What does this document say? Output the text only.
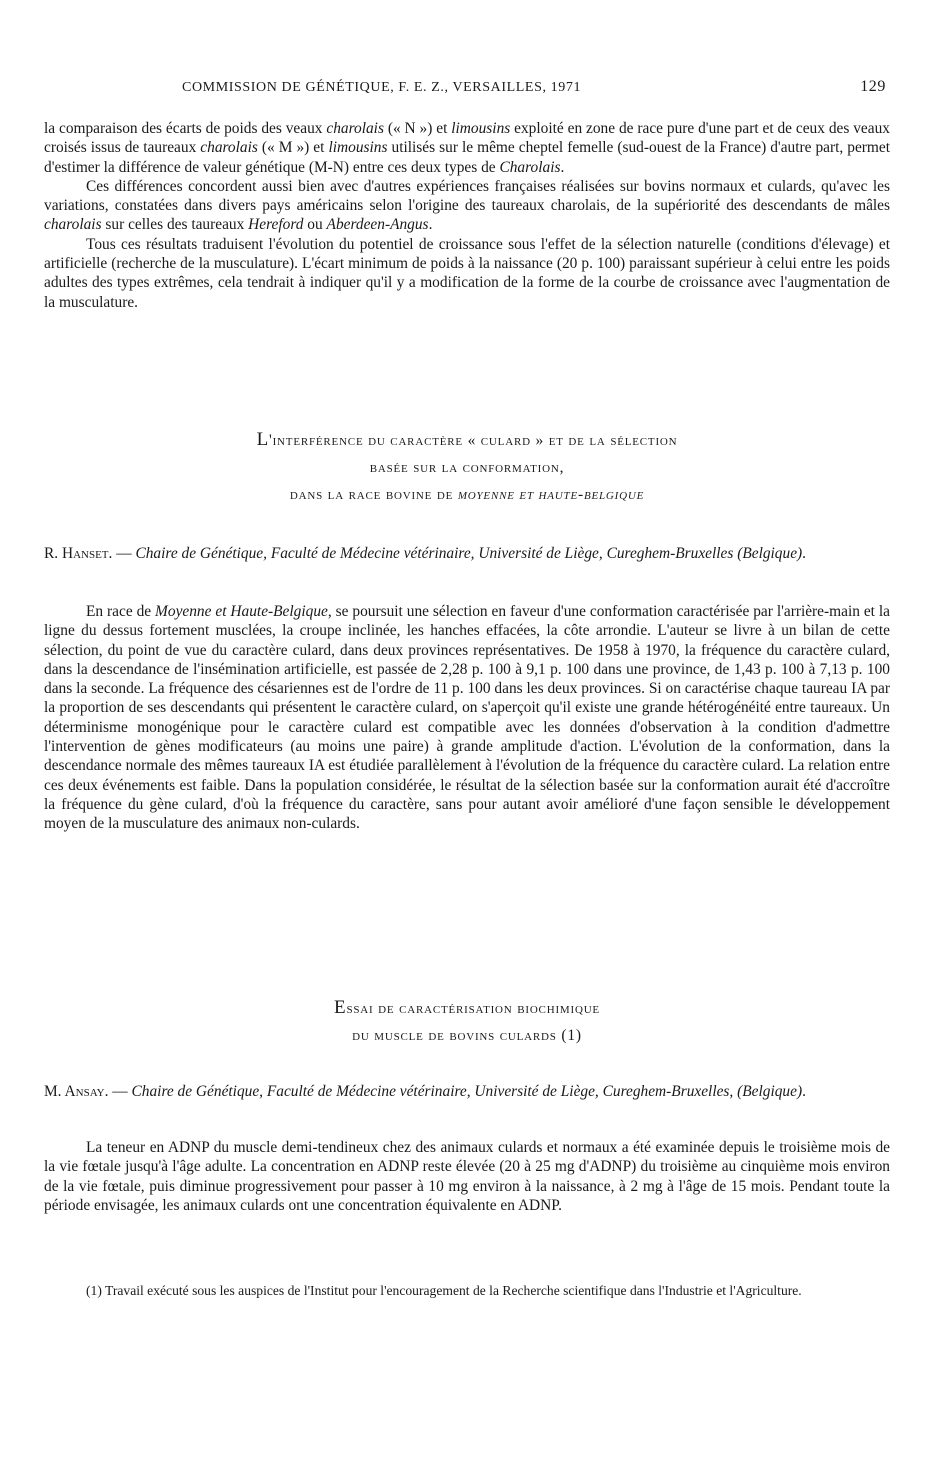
COMMISSION DE GÉNÉTIQUE, F. E. Z., VERSAILLES, 1971	129

la comparaison des écarts de poids des veaux charolais (« N ») et limousins exploité en zone de race pure d'une part et de ceux des veaux croisés issus de taureaux charolais (« M ») et limousins utilisés sur le même cheptel femelle (sud-ouest de la France) d'autre part, permet d'estimer la différence de valeur génétique (M-N) entre ces deux types de Charolais.

Ces différences concordent aussi bien avec d'autres expériences françaises réalisées sur bovins normaux et culards, qu'avec les variations, constatées dans divers pays américains selon l'origine des taureaux charolais, de la supériorité des descendants de mâles charolais sur celles des taureaux Hereford ou Aberdeen-Angus.

Tous ces résultats traduisent l'évolution du potentiel de croissance sous l'effet de la sélection naturelle (conditions d'élevage) et artificielle (recherche de la musculature). L'écart minimum de poids à la naissance (20 p. 100) paraissant supérieur à celui entre les poids adultes des types extrêmes, cela tendrait à indiquer qu'il y a modification de la forme de la courbe de croissance avec l'augmentation de la musculature.

L'interférence du caractère « culard » et de la sélection

basée sur la conformation,

dans la race bovine de moyenne et haute-belgique

R. Hanset. — Chaire de Génétique, Faculté de Médecine vétérinaire, Université de Liège, Cureghem-Bruxelles (Belgique).

En race de Moyenne et Haute-Belgique, se poursuit une sélection en faveur d'une conformation caractérisée par l'arrière-main et la ligne du dessus fortement musclées, la croupe inclinée, les hanches effacées, la côte arrondie. L'auteur se livre à un bilan de cette sélection, du point de vue du caractère culard, dans deux provinces représentatives. De 1958 à 1970, la fréquence du caractère culard, dans la descendance de l'insémination artificielle, est passée de 2,28 p. 100 à 9,1 p. 100 dans une province, de 1,43 p. 100 à 7,13 p. 100 dans la seconde. La fréquence des césariennes est de l'ordre de 11 p. 100 dans les deux provinces. Si on caractérise chaque taureau IA par la proportion de ses descendants qui présentent le caractère culard, on s'aperçoit qu'il existe une grande hétérogénéité entre taureaux. Un déterminisme monogénique pour le caractère culard est compatible avec les données d'observation à la condition d'admettre l'intervention de gènes modificateurs (au moins une paire) à grande amplitude d'action. L'évolution de la conformation, dans la descendance normale des mêmes taureaux IA est étudiée parallèlement à l'évolution de la fréquence du caractère culard. La relation entre ces deux événements est faible. Dans la population considérée, le résultat de la sélection basée sur la conformation aurait été d'accroître la fréquence du gène culard, d'où la fréquence du caractère, sans pour autant avoir amélioré d'une façon sensible le développement moyen de la musculature des animaux non-culards.

Essai de caractérisation biochimique

du muscle de bovins culards (1)

M. Ansay. — Chaire de Génétique, Faculté de Médecine vétérinaire, Université de Liège, Cureghem-Bruxelles, (Belgique).

La teneur en ADNP du muscle demi-tendineux chez des animaux culards et normaux a été examinée depuis le troisième mois de la vie fœtale jusqu'à l'âge adulte. La concentration en ADNP reste élevée (20 à 25 mg d'ADNP) du troisième au cinquième mois environ de la vie fœtale, puis diminue progressivement pour passer à 10 mg environ à la naissance, à 2 mg à l'âge de 15 mois. Pendant toute la période envisagée, les animaux culards ont une concentration équivalente en ADNP.

(1) Travail exécuté sous les auspices de l'Institut pour l'encouragement de la Recherche scientifique dans l'Industrie et l'Agriculture.
